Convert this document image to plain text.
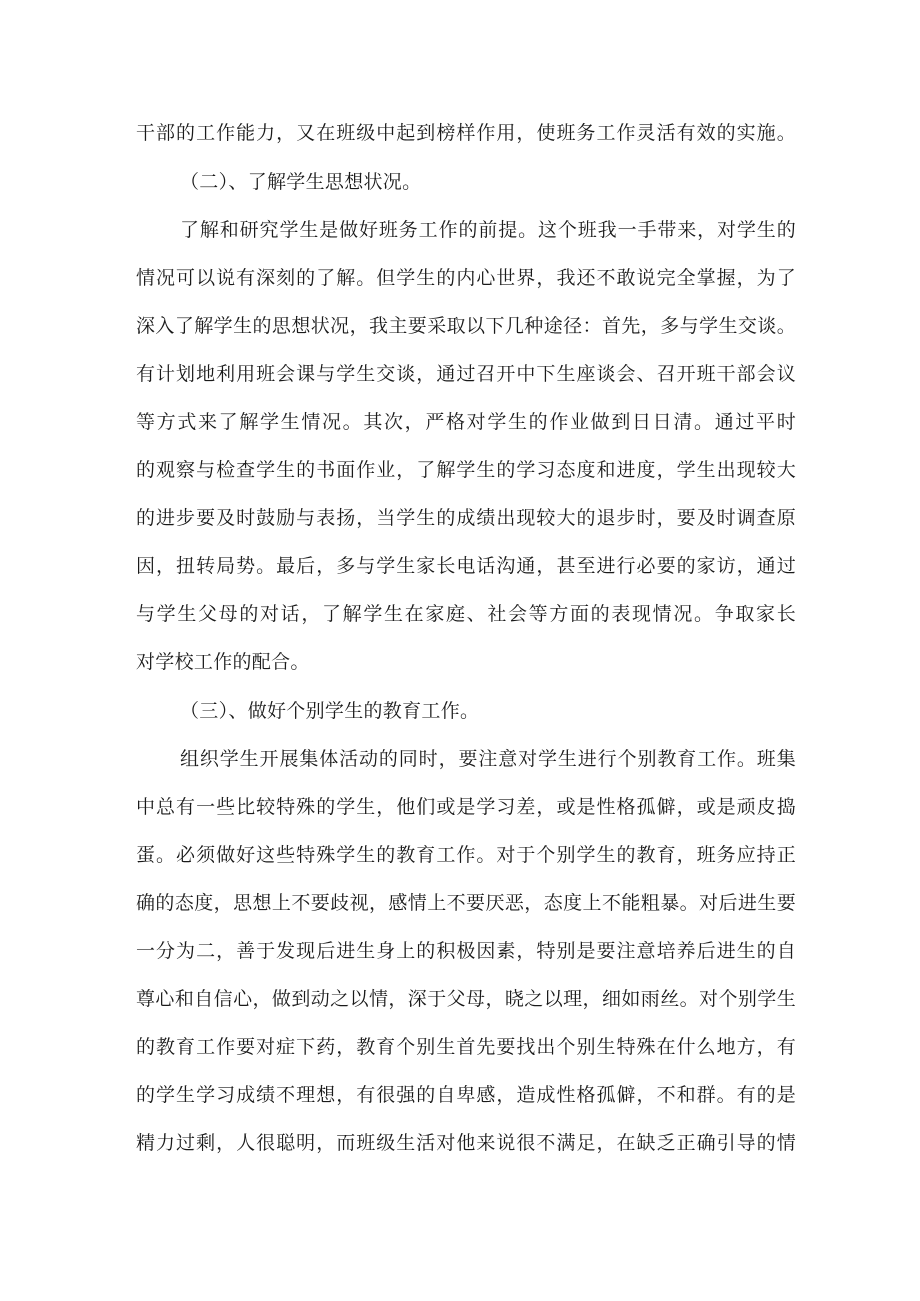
干部的工作能力，又在班级中起到榜样作用，使班务工作灵活有效的实施。
（二）、了解学生思想状况。
了解和研究学生是做好班务工作的前提。这个班我一手带来，对学生的
情况可以说有深刻的了解。但学生的内心世界，我还不敢说完全掌握，为了
深入了解学生的思想状况，我主要采取以下几种途径：首先，多与学生交谈。
有计划地利用班会课与学生交谈，通过召开中下生座谈会、召开班干部会议
等方式来了解学生情况。其次，严格对学生的作业做到日日清。通过平时
的观察与检查学生的书面作业，了解学生的学习态度和进度，学生出现较大
的进步要及时鼓励与表扬，当学生的成绩出现较大的退步时，要及时调查原
因，扭转局势。最后，多与学生家长电话沟通，甚至进行必要的家访，通过
与学生父母的对话，了解学生在家庭、社会等方面的表现情况。争取家长
对学校工作的配合。
（三）、做好个别学生的教育工作。
组织学生开展集体活动的同时，要注意对学生进行个别教育工作。班集
中总有一些比较特殊的学生，他们或是学习差，或是性格孤僻，或是顽皮捣
蛋。必须做好这些特殊学生的教育工作。对于个别学生的教育，班务应持正
确的态度，思想上不要歧视，感情上不要厌恶，态度上不能粗暴。对后进生要
一分为二，善于发现后进生身上的积极因素，特别是要注意培养后进生的自
尊心和自信心，做到动之以情，深于父母，晓之以理，细如雨丝。对个别学生
的教育工作要对症下药，教育个别生首先要找出个别生特殊在什么地方，有
的学生学习成绩不理想，有很强的自卑感，造成性格孤僻，不和群。有的是
精力过剩，人很聪明，而班级生活对他来说很不满足，在缺乏正确引导的情
